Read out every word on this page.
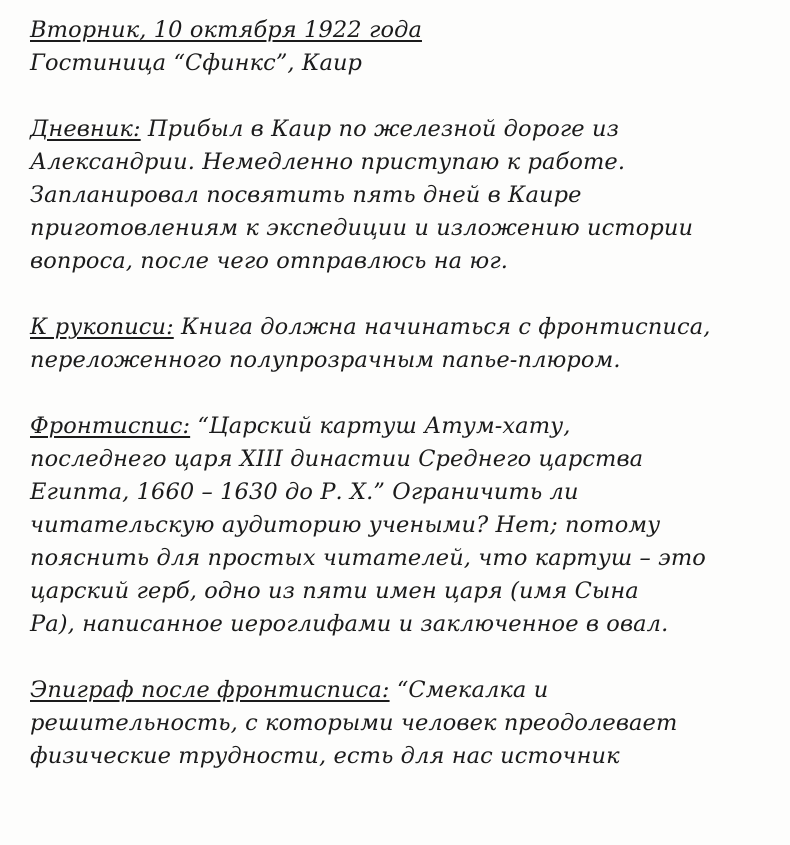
Вторник, 10 октября 1922 года
Гостиница “Сфинкс”, Каир
Дневник: Прибыл в Каир по железной дороге из
Александрии. Немедленно приступаю к работе.
Запланировал посвятить пять дней в Каире
приготовлениям к экспедиции и изложению истории
вопроса, после чего отправлюсь на юг.
К рукописи: Книга должна начинаться с фронтисписа,
переложенного полупрозрачным папье-плюром.
Фронтиспис: “Царский картуш Атум-хату,
последнего царя XIII династии Среднего царства
Египта, 1660 – 1630 до Р. Х.” Ограничить ли
читательскую аудиторию учеными? Нет; потому
пояснить для простых читателей, что картуш – это
царский герб, одно из пяти имен царя (имя Сына
Ра), написанное иероглифами и заключенное в овал.
Эпиграф после фронтисписа: “Смекалка и
решительность, с которыми человек преодолевает
физические трудности, есть для нас источник
